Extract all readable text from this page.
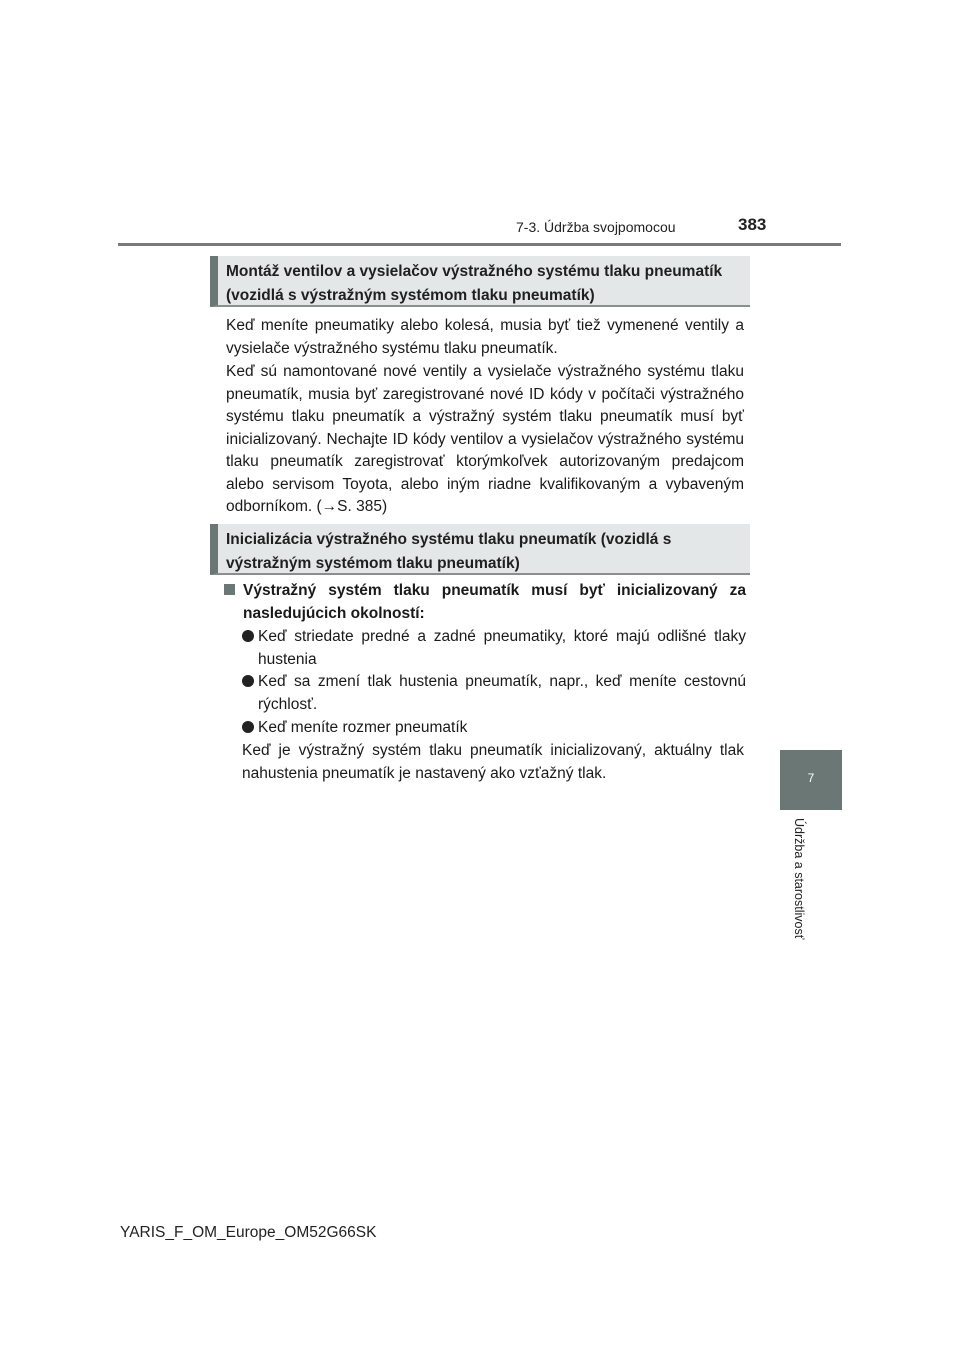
7-3. Údržba svojpomocou	383
Montáž ventilov a vysielačov výstražného systému tlaku pneumatík (vozidlá s výstražným systémom tlaku pneumatík)
Keď meníte pneumatiky alebo kolesá, musia byť tiež vymenené ventily a vysielače výstražného systému tlaku pneumatík.
Keď sú namontované nové ventily a vysielače výstražného systému tlaku pneumatík, musia byť zaregistrované nové ID kódy v počítači výstražného systému tlaku pneumatík a výstražný systém tlaku pneumatík musí byť inicializovaný. Nechajte ID kódy ventilov a vysielačov výstražného systému tlaku pneumatík zaregistrovať ktorýmkoľvek autorizovaným predajcom alebo servisom Toyota, alebo iným riadne kvalifikovaným a vybaveným odborníkom. (→S. 385)
Inicializácia výstražného systému tlaku pneumatík (vozidlá s výstražným systémom tlaku pneumatík)
Výstražný systém tlaku pneumatík musí byť inicializovaný za nasledujúcich okolností:
Keď striedate predné a zadné pneumatiky, ktoré majú odlišné tlaky hustenia
Keď sa zmení tlak hustenia pneumatík, napr., keď meníte cestovnú rýchlosť.
Keď meníte rozmer pneumatík
Keď je výstražný systém tlaku pneumatík inicializovaný, aktuálny tlak nahustenia pneumatík je nastavený ako vzťažný tlak.	7
Údržba a starostlivosť
YARIS_F_OM_Europe_OM52G66SK
